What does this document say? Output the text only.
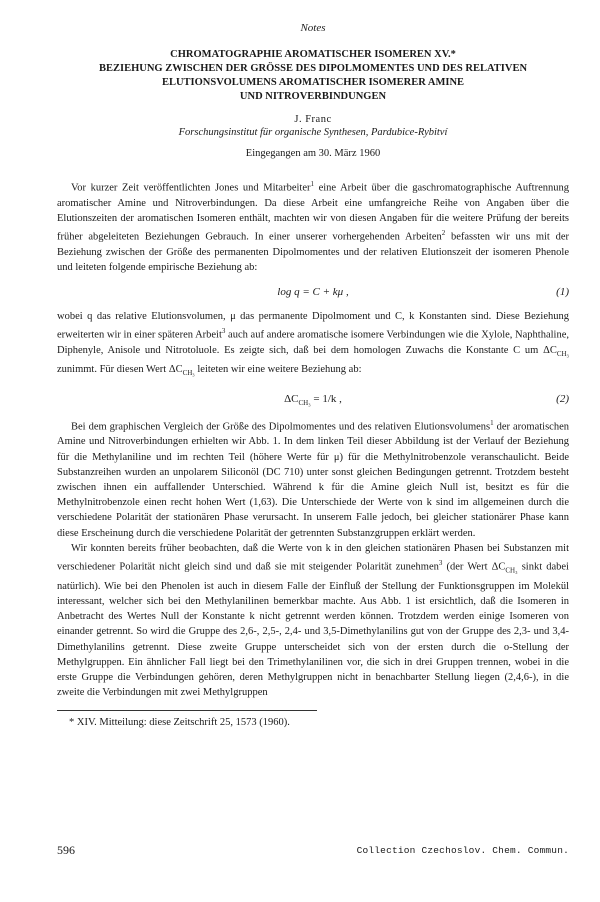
Notes

CHROMATOGRAPHIE AROMATISCHER ISOMEREN XV.*

BEZIEHUNG ZWISCHEN DER GRÖSSE DES DIPOLMOMENTES UND DES RELATIVEN

ELUTIONSVOLUMENS AROMATISCHER ISOMERER AMINE

UND NITROVERBINDUNGEN

J. Franc
Forschungsinstitut für organische Synthesen, Pardubice-Rybitví
Eingegangen am 30. März 1960

Vor kurzer Zeit veröffentlichten Jones und Mitarbeiter$^1$ eine Arbeit über die gaschromatographische Auftrennung aromatischer Amine und Nitroverbindungen. Da diese Arbeit eine umfangreiche Reihe von Angaben über die Elutionszeiten der aromatischen Isomeren enthält, machten wir von diesen Angaben für die weitere Prüfung der bereits früher abgeleiteten Beziehungen Gebrauch. In einer unserer vorhergehenden Arbeiten$^2$ befassten wir uns mit der Beziehung zwischen der Größe des permanenten Dipolmomentes und der relativen Elutionszeit der isomeren Phenole und leiteten folgende empirische Beziehung ab:

log q = C + kμ ,	(1)

wobei q das relative Elutionsvolumen, μ das permanente Dipolmoment und C, k Konstanten sind. Diese Beziehung erweiterten wir in einer späteren Arbeit$^3$ auch auf andere aromatische isomere Verbindungen wie die Xylole, Naphthaline, Diphenyle, Anisole und Nitrotoluole. Es zeigte sich, daß bei dem homologen Zuwachs die Konstante C um $\Delta C_{CH_3}$ zunimmt. Für diesen Wert $\Delta C_{CH_3}$ leiteten wir eine weitere Beziehung ab:

$\Delta C_{CH_3} = 1/k$ ,	(2)

Bei dem graphischen Vergleich der Größe des Dipolmomentes und des relativen Elutionsvolumens$^1$ der aromatischen Amine und Nitroverbindungen erhielten wir Abb. 1. In dem linken Teil dieser Abbildung ist der Verlauf der Beziehung für die Methylaniline und im rechten Teil (höhere Werte für μ) für die Methylnitrobenzole veranschaulicht. Beide Substanzreihen wurden an unpolarem Siliconöl (DC 710) unter sonst gleichen Bedingungen getrennt. Trotzdem besteht zwischen ihnen ein auffallender Unterschied. Während k für die Amine gleich Null ist, besitzt es für die Methylnitrobenzole einen recht hohen Wert (1,63). Die Unterschiede der Werte von k sind im allgemeinen durch die verschiedene Polarität der stationären Phase verursacht. In unserem Falle jedoch, bei gleicher stationärer Phase kann diese Erscheinung durch die verschiedene Polarität der getrennten Substanzgruppen erklärt werden.

Wir konnten bereits früher beobachten, daß die Werte von k in den gleichen stationären Phasen bei Substanzen mit verschiedener Polarität nicht gleich sind und daß sie mit steigender Polarität zunehmen$^3$ (der Wert $\Delta C_{CH_3}$ sinkt dabei natürlich). Wie bei den Phenolen ist auch in diesem Falle der Einfluß der Stellung der Funktionsgruppen im Molekül interessant, welcher sich bei den Methylanilinen bemerkbar machte. Aus Abb. 1 ist ersichtlich, daß die Isomeren in Anbetracht des Wertes Null der Konstante k nicht getrennt werden können. Trotzdem werden einige Isomeren von einander getrennt. So wird die Gruppe des 2,6-, 2,5-, 2,4- und 3,5-Dimethylanilins gut von der Gruppe des 2,3- und 3,4-Dimethylanilins getrennt. Diese zweite Gruppe unterscheidet sich von der ersten durch die o-Stellung der Methylgruppen. Ein ähnlicher Fall liegt bei den Trimethylanilinen vor, die sich in drei Gruppen trennen, wobei in die erste Gruppe die Verbindungen gehören, deren Methylgruppen nicht in benachbarter Stellung liegen (2,4,6-), in die zweite die Verbindungen mit zwei Methylgruppen

* XIV. Mitteilung: diese Zeitschrift 25, 1573 (1960).
596	Collection Czechoslov. Chem. Commun.
